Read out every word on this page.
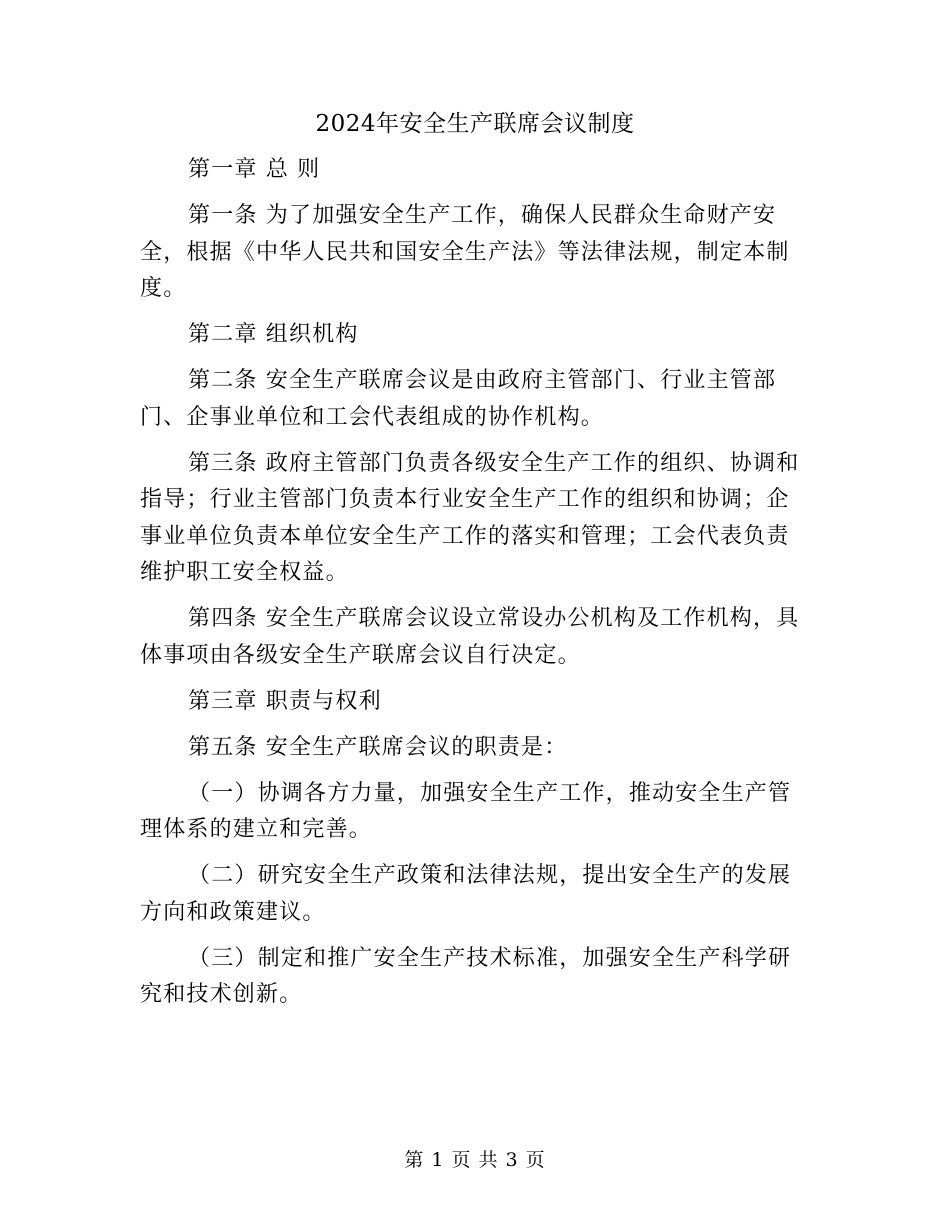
2024年安全生产联席会议制度

第一章 总 则

第一条 为了加强安全生产工作，确保人民群众生命财产安全，根据《中华人民共和国安全生产法》等法律法规，制定本制度。

第二章 组织机构

第二条 安全生产联席会议是由政府主管部门、行业主管部门、企事业单位和工会代表组成的协作机构。

第三条 政府主管部门负责各级安全生产工作的组织、协调和指导；行业主管部门负责本行业安全生产工作的组织和协调；企事业单位负责本单位安全生产工作的落实和管理；工会代表负责维护职工安全权益。

第四条 安全生产联席会议设立常设办公机构及工作机构，具体事项由各级安全生产联席会议自行决定。

第三章 职责与权利

第五条 安全生产联席会议的职责是：

（一）协调各方力量，加强安全生产工作，推动安全生产管理体系的建立和完善。

（二）研究安全生产政策和法律法规，提出安全生产的发展方向和政策建议。

（三）制定和推广安全生产技术标准，加强安全生产科学研究和技术创新。

第 1 页 共 3 页
